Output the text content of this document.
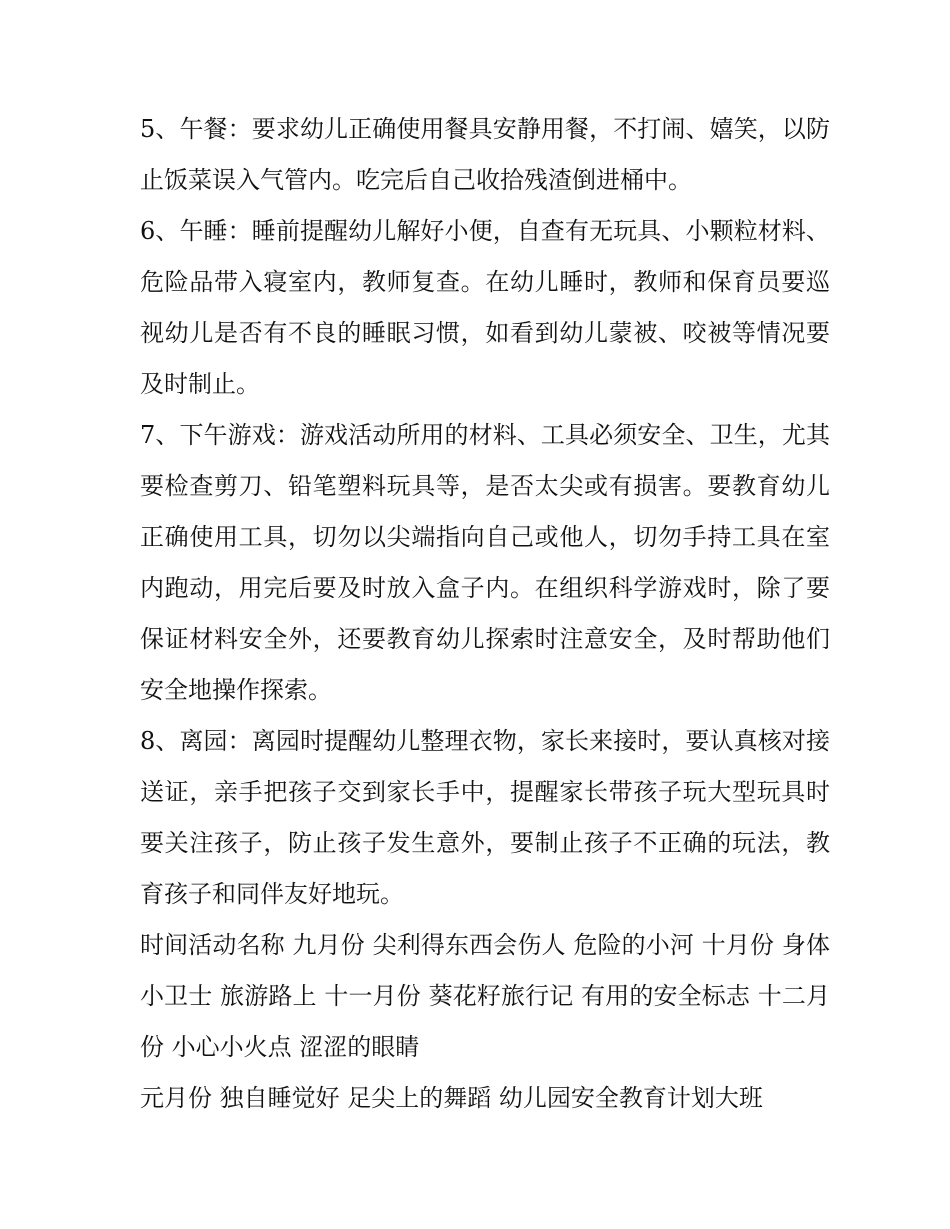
5、午餐：要求幼儿正确使用餐具安静用餐，不打闹、嬉笑，以防止饭菜误入气管内。吃完后自己收拾残渣倒进桶中。

6、午睡：睡前提醒幼儿解好小便，自查有无玩具、小颗粒材料、危险品带入寝室内，教师复查。在幼儿睡时，教师和保育员要巡视幼儿是否有不良的睡眠习惯，如看到幼儿蒙被、咬被等情况要及时制止。

7、下午游戏：游戏活动所用的材料、工具必须安全、卫生，尤其要检查剪刀、铅笔塑料玩具等，是否太尖或有损害。要教育幼儿正确使用工具，切勿以尖端指向自己或他人，切勿手持工具在室内跑动，用完后要及时放入盒子内。在组织科学游戏时，除了要保证材料安全外，还要教育幼儿探索时注意安全，及时帮助他们安全地操作探索。

8、离园：离园时提醒幼儿整理衣物，家长来接时，要认真核对接送证，亲手把孩子交到家长手中，提醒家长带孩子玩大型玩具时要关注孩子，防止孩子发生意外，要制止孩子不正确的玩法，教育孩子和同伴友好地玩。

时间活动名称 九月份 尖利得东西会伤人 危险的小河 十月份 身体小卫士 旅游路上 十一月份 葵花籽旅行记 有用的安全标志 十二月份 小心小火点 涩涩的眼睛

元月份 独自睡觉好 足尖上的舞蹈 幼儿园安全教育计划大班
